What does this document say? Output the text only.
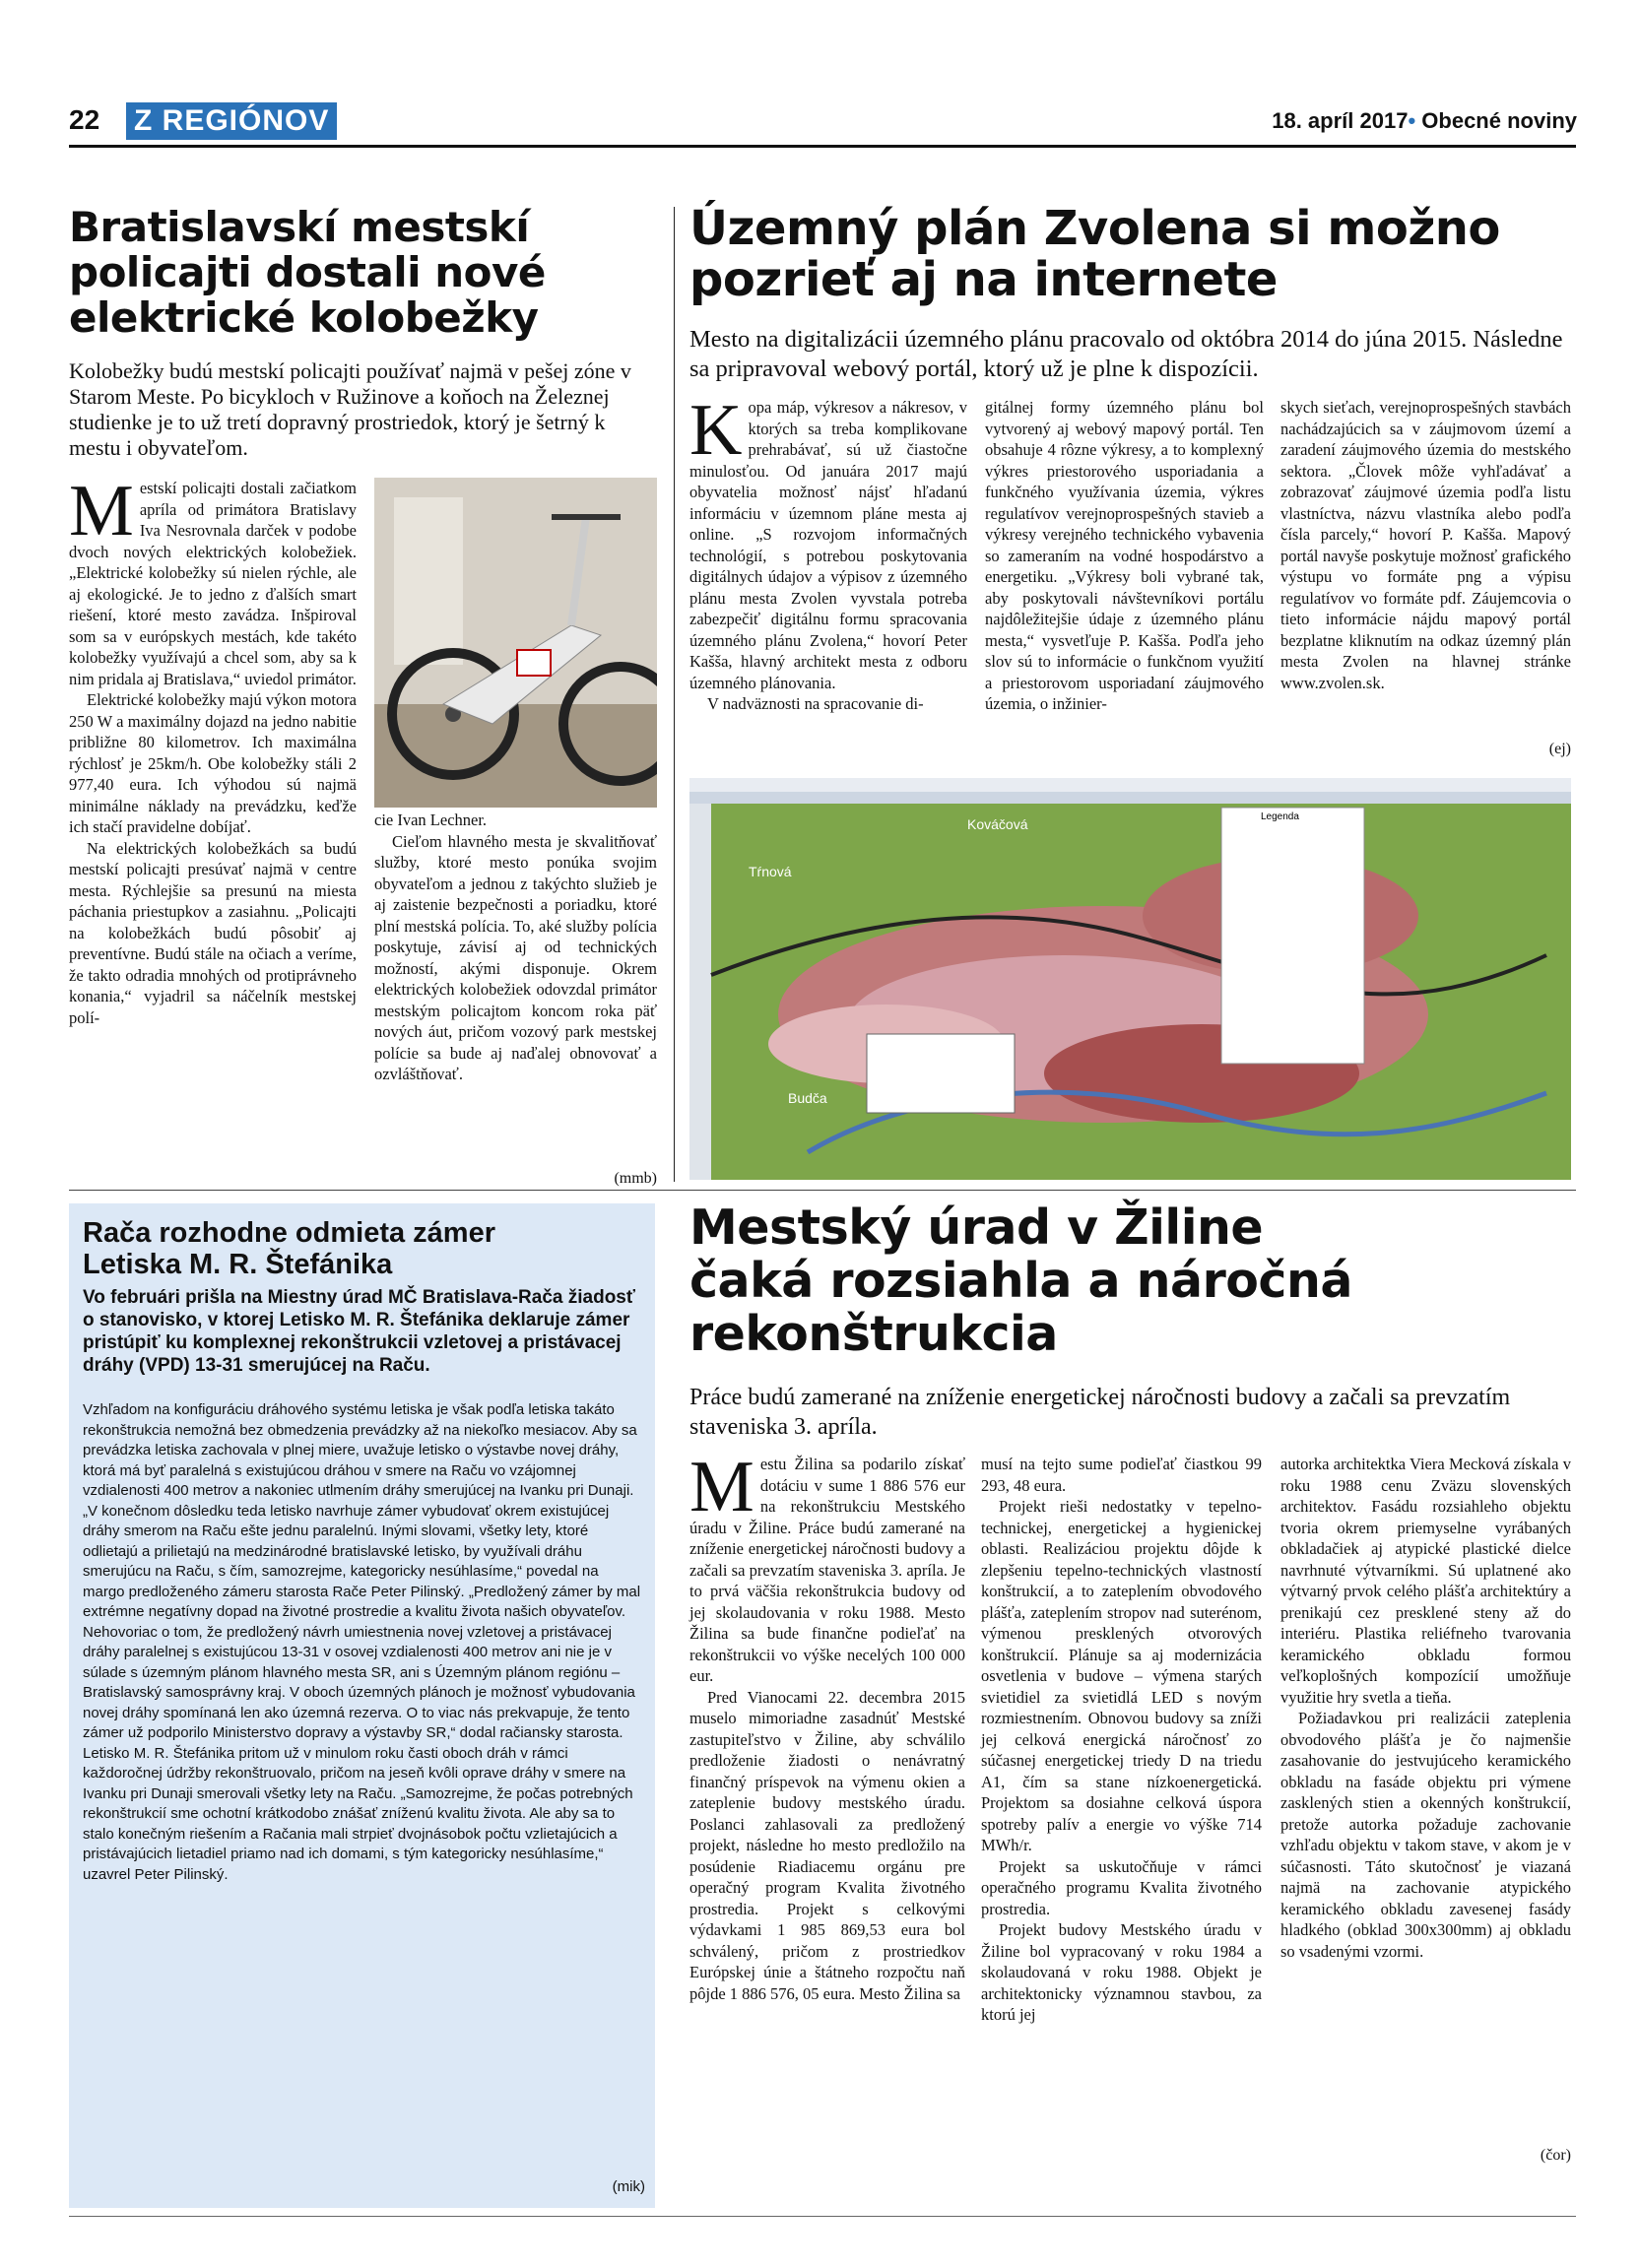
22 Z REGIÓNOV	18. apríl 2017• Obecné noviny
Bratislavskí mestskí
policajti dostali nové
elektrické kolobežky
Kolobežky budú mestskí policajti používať najmä v pešej zóne v Starom Meste. Po bicykloch v Ružinove a koňoch na Železnej studienke je to už tretí dopravný prostriedok, ktorý je šetrný k mestu i obyvateľom.

Mestskí policajti dostali začiatkom apríla od primátora Bratislavy Iva Nesrovnala darček v podobe dvoch nových elektrických kolobežiek. „Elektrické kolobežky sú nielen rýchle, ale aj ekologické. Je to jedno z ďalších smart riešení, ktoré mesto zavádza. Inšpiroval som sa v európskych mestách, kde takéto kolobežky využívajú a chcel som, aby sa k nim pridala aj Bratislava,“ uviedol primátor.

Elektrické kolobežky majú výkon motora 250 W a maximálny dojazd na jedno nabitie približne 80 kilometrov. Ich maximálna rýchlosť je 25km/h. Obe kolobežky stáli 2 977,40 eura. Ich výhodou sú najmä minimálne náklady na prevádzku, keďže ich stačí pravidelne dobíjať.

Na elektrických kolobežkách sa budú mestskí policajti presúvať najmä v centre mesta. Rýchlejšie sa presunú na miesta páchania priestupkov a zasiahnu. „Policajti na kolobežkách budú pôsobiť aj preventívne. Budú stále na očiach a veríme, že takto odradia mnohých od protiprávneho konania,“ vyjadril sa náčelník mestskej polí-

cie Ivan Lechner.

Cieľom hlavného mesta je skvalitňovať služby, ktoré mesto ponúka svojim obyvateľom a jednou z takýchto služieb je aj zaistenie bezpečnosti a poriadku, ktoré plní mestská polícia. To, aké služby polícia poskytuje, závisí aj od technických možností, akými disponuje. Okrem elektrických kolobežiek odovzdal primátor mestským policajtom koncom roka päť nových áut, pričom vozový park mestskej polície sa bude aj naďalej obnovovať a ozvláštňovať.

(mmb)
Územný plán Zvolena si možno
pozrieť aj na internete
Mesto na digitalizácii územného plánu pracovalo od októbra 2014 do júna 2015. Následne sa pripravoval webový portál, ktorý už je plne k dispozícii.

Kopa máp, výkresov a nákresov, v ktorých sa treba komplikovane prehrabávať, sú už čiastočne minulosťou. Od januára 2017 majú obyvatelia možnosť nájsť hľadanú informáciu v územnom pláne mesta aj online. „S rozvojom informačných technológií, s potrebou poskytovania digitálnych údajov a výpisov z územného plánu mesta Zvolen vyvstala potreba zabezpečiť digitálnu formu spracovania územného plánu Zvolena,“ hovorí Peter Kašša, hlavný architekt mesta z odboru územného plánovania.

V nadväznosti na spracovanie di-

gitálnej formy územného plánu bol vytvorený aj webový mapový portál. Ten obsahuje 4 rôzne výkresy, a to komplexný výkres priestorového usporiadania a funkčného využívania územia, výkres regulatívov verejnoprospešných stavieb a výkresy verejného technického vybavenia so zameraním na vodné hospodárstvo a energetiku. „Výkresy boli vybrané tak, aby poskytovali návštevníkovi portálu najdôležitejšie údaje z územného plánu mesta,“ vysvetľuje P. Kašša. Podľa jeho slov sú to informácie o funkčnom využití a priestorovom usporiadaní záujmového územia, o inžinier-

skych sieťach, verejnoprospešných stavbách nachádzajúcich sa v záujmovom území a zaradení záujmového územia do mestského sektora. „Človek môže vyhľadávať a zobrazovať záujmové územia podľa listu vlastníctva, názvu vlastníka alebo podľa čísla parcely,“ hovorí P. Kašša. Mapový portál navyše poskytuje možnosť grafického výstupu vo formáte png a výpisu regulatívov vo formáte pdf. Záujemcovia o tieto informácie nájdu mapový portál bezplatne kliknutím na odkaz územný plán mesta Zvolen na hlavnej stránke www.zvolen.sk.

(ej)
Legenda
Kováčová
Tŕnová
Budča
Rača rozhodne odmieta zámer
Letiska M. R. Štefánika
Vo februári prišla na Miestny úrad MČ Bratislava-Rača žiadosť o stanovisko, v ktorej Letisko M. R. Štefánika deklaruje zámer pristúpiť ku komplexnej rekonštrukcii vzletovej a pristávacej dráhy (VPD) 13-31 smerujúcej na Raču.

Vzhľadom na konfiguráciu dráhového systému letiska je však podľa letiska takáto rekonštrukcia nemožná bez obmedzenia prevádzky až na niekoľko mesiacov. Aby sa prevádzka letiska zachovala v plnej miere, uvažuje letisko o výstavbe novej dráhy, ktorá má byť paralelná s existujúcou dráhou v smere na Raču vo vzájomnej vzdialenosti 400 metrov a nakoniec utlmením dráhy smerujúcej na Ivanku pri Dunaji.

„V konečnom dôsledku teda letisko navrhuje zámer vybudovať okrem existujúcej dráhy smerom na Raču ešte jednu paralelnú. Inými slovami, všetky lety, ktoré odlietajú a prilietajú na medzinárodné bratislavské letisko, by využívali dráhu smerujúcu na Raču, s čím, samozrejme, kategoricky nesúhlasíme,“ povedal na margo predloženého zámeru starosta Rače Peter Pilinský. „Predložený zámer by mal extrémne negatívny dopad na životné prostredie a kvalitu života našich obyvateľov. Nehovoriac o tom, že predložený návrh umiestnenia novej vzletovej a pristávacej dráhy paralelnej s existujúcou 13-31 v osovej vzdialenosti 400 metrov ani nie je v súlade s územným plánom hlavného mesta SR, ani s Územným plánom regiónu – Bratislavský samosprávny kraj. V oboch územných plánoch je možnosť vybudovania novej dráhy spomínaná len ako územná rezerva. O to viac nás prekvapuje, že tento zámer už podporilo Ministerstvo dopravy a výstavby SR,“ dodal račiansky starosta.

Letisko M. R. Štefánika pritom už v minulom roku časti oboch dráh v rámci každoročnej údržby rekonštruovalo, pričom na jeseň kvôli opravе dráhy v smere na Ivanku pri Dunaji smerovali všetky lety na Raču. „Samozrejme, že počas potrebných rekonštrukcií sme ochotní krátkodobo znášať zníženú kvalitu života. Ale aby sa to stalo konečným riešením a Račania mali strpieť dvojnásobok počtu vzlietajúcich a pristávajúcich lietadiel priamo nad ich domami, s tým kategoricky nesúhlasíme,“ uzavrel Peter Pilinský.

(mik)
Mestský úrad v Žiline
čaká rozsiahla a náročná
rekonštrukcia
Práce budú zamerané na zníženie energetickej náročnosti budovy a začali sa prevzatím staveniska 3. apríla.

Mestu Žilina sa podarilo získať dotáciu v sume 1 886 576 eur na rekonštrukciu Mestského úradu v Žiline. Práce budú zamerané na zníženie energetickej náročnosti budovy a začali sa prevzatím staveniska 3. apríla. Je to prvá väčšia rekonštrukcia budovy od jej skolaudovania v roku 1988. Mesto Žilina sa bude finančne podieľať na rekonštrukcii vo výške necelých 100 000 eur.

Pred Vianocami 22. decembra 2015 muselo mimoriadne zasadnúť Mestské zastupiteľstvo v Žiline, aby schválilo predloženie žiadosti o nenávratný finančný príspevok na výmenu okien a zateplenie budovy mestského úradu. Poslanci zahlasovali za predložený projekt, následne ho mesto predložilo na posúdenie Riadiacemu orgánu pre operačný program Kvalita životného prostredia. Projekt s celkovými výdavkami 1 985 869,53 eura bol schválený, pričom z prostriedkov Európskej únie a štátneho rozpočtu naň pôjde 1 886 576, 05 eura. Mesto Žilina sa

musí na tejto sume podieľať čiastkou 99 293, 48 eura.

Projekt rieši nedostatky v tepelno-technickej, energetickej a hygienickej oblasti. Realizáciou projektu dôjde k zlepšeniu tepelno-technických vlastností konštrukcií, a to zateplením obvodového plášťa, zateplením stropov nad suterénom, výmenou presklených otvorových konštrukcií. Plánuje sa aj modernizácia osvetlenia v budove – výmena starých svietidiel za svietidlá LED s novým rozmiestnením. Obnovou budovy sa zníži jej celková energická náročnosť zo súčasnej energetickej triedy D na triedu A1, čím sa stane nízkoenergetická. Projektom sa dosiahne celková úspora spotreby palív a energie vo výške 714 MWh/r.

Projekt sa uskutočňuje v rámci operačného programu Kvalita životného prostredia.

Projekt budovy Mestského úradu v Žiline bol vypracovaný v roku 1984 a skolaudovaná v roku 1988. Objekt je architektonicky významnou stavbou, za ktorú jej

autorka architektka Viera Mecková získala v roku 1988 cenu Zväzu slovenských architektov. Fasádu rozsiahleho objektu tvoria okrem priemyselne vyrábaných obkladačiek aj atypické plastické dielce navrhnuté výtvarníkmi. Sú uplatnené ako výtvarný prvok celého plášťa architektúry a prenikajú cez presklené steny až do interiéru. Plastika reliéfneho tvarovania keramického obkladu formou veľkoplošných kompozícií umožňuje využitie hry svetla a tieňa.

Požiadavkou pri realizácii zateplenia obvodového plášťa je čo najmenšie zasahovanie do jestvujúceho keramického obkladu na fasáde objektu pri výmene zasklených stien a okenných konštrukcií, pretože autorka požaduje zachovanie vzhľadu objektu v takom stave, v akom je v súčasnosti. Táto skutočnosť je viazaná najmä na zachovanie atypického keramického obkladu zavesenej fasády hladkého (obklad 300x300mm) aj obkladu so vsadenými vzormi.

(čor)
